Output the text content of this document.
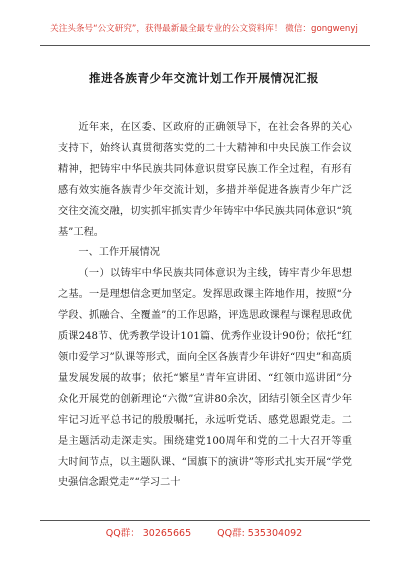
关注头条号“公文研究”，获得最新最全最专业的公文资料库！ 微信：gongwenyj
推进各族青少年交流计划工作开展情况汇报

近年来，在区委、区政府的正确领导下，在社会各界的关心支持下，始终认真贯彻落实党的二十大精神和中央民族工作会议精神，把铸牢中华民族共同体意识贯穿民族工作全过程，有形有感有效实施各族青少年交流计划，多措并举促进各族青少年广泛交往交流交融，切实抓牢抓实青少年铸牢中华民族共同体意识“筑基”工程。

一、工作开展情况

（一）以铸牢中华民族共同体意识为主线，铸牢青少年思想之基。一是理想信念更加坚定。发挥思政课主阵地作用，按照“分学段、抓融合、全覆盖”的工作思路，评选思政课程与课程思政优质课248节、优秀教学设计101篇、优秀作业设计90份；依托“红领巾爱学习”队课等形式，面向全区各族青少年讲好“四史”和高质量发展发展的故事；依托“繁星”青年宣讲团、“红领巾巡讲团”分众化开展党的创新理论“六微”宣讲80余次，团结引领全区青少年牢记习近平总书记的殷殷嘱托，永远听党话、感党恩跟党走。二是主题活动走深走实。围绕建党100周年和党的二十大召开等重大时间节点，以主题队课、“国旗下的演讲”等形式扎实开展“学党史强信念跟党走”“学习二十

QQ群： 30265665	QQ群: 535304092
